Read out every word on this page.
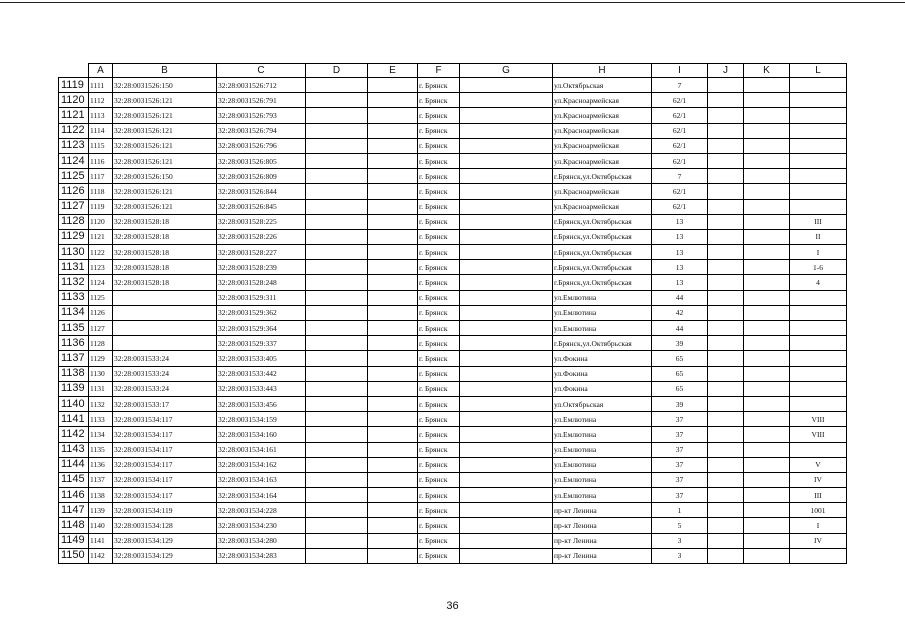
	A	B	C	D	E	F	G	H	I	J	K	L
1119	1111	32:28:0031526:150	32:28:0031526:712			г. Брянск		ул.Октябрьская	7			
1120	1112	32:28:0031526:121	32:28:0031526:791			г. Брянск		ул.Красноармейская	62/1			
1121	1113	32:28:0031526:121	32:28:0031526:793			г. Брянск		ул.Красноармейская	62/1			
1122	1114	32:28:0031526:121	32:28:0031526:794			г. Брянск		ул.Красноармейская	62/1			
1123	1115	32:28:0031526:121	32:28:0031526:796			г. Брянск		ул.Красноармейская	62/1			
1124	1116	32:28:0031526:121	32:28:0031526:805			г. Брянск		ул.Красноармейская	62/1			
1125	1117	32:28:0031526:150	32:28:0031526:809			г. Брянск		г.Брянск,ул.Октябрьская	7			
1126	1118	32:28:0031526:121	32:28:0031526:844			г. Брянск		ул.Красноармейская	62/1			
1127	1119	32:28:0031526:121	32:28:0031526:845			г. Брянск		ул.Красноармейская	62/1			
1128	1120	32:28:0031528:18	32:28:0031528:225			г. Брянск		г.Брянск,ул.Октябрьская	13			III
1129	1121	32:28:0031528:18	32:28:0031528:226			г. Брянск		г.Брянск,ул.Октябрьская	13			II
1130	1122	32:28:0031528:18	32:28:0031528:227			г. Брянск		г.Брянск,ул.Октябрьская	13			I
1131	1123	32:28:0031528:18	32:28:0031528:239			г. Брянск		г.Брянск,ул.Октябрьская	13			1-6
1132	1124	32:28:0031528:18	32:28:0031528:248			г. Брянск		г.Брянск,ул.Октябрьская	13			4
1133	1125		32:28:0031529:311			г. Брянск		ул.Емлютина	44			
1134	1126		32:28:0031529:362			г. Брянск		ул.Емлютина	42			
1135	1127		32:28:0031529:364			г. Брянск		ул.Емлютина	44			
1136	1128		32:28:0031529:337			г. Брянск		г.Брянск,ул.Октябрьская	39			
1137	1129	32:28:0031533:24	32:28:0031533:405			г. Брянск		ул.Фокина	65			
1138	1130	32:28:0031533:24	32:28:0031533:442			г. Брянск		ул.Фокина	65			
1139	1131	32:28:0031533:24	32:28:0031533:443			г. Брянск		ул.Фокина	65			
1140	1132	32:28:0031533:17	32:28:0031533:456			г. Брянск		ул.Октябрьская	39			
1141	1133	32:28:0031534:117	32:28:0031534:159			г. Брянск		ул.Емлютина	37			VIII
1142	1134	32:28:0031534:117	32:28:0031534:160			г. Брянск		ул.Емлютина	37			VIII
1143	1135	32:28:0031534:117	32:28:0031534:161			г. Брянск		ул.Емлютина	37			
1144	1136	32:28:0031534:117	32:28:0031534:162			г. Брянск		ул.Емлютина	37			V
1145	1137	32:28:0031534:117	32:28:0031534:163			г. Брянск		ул.Емлютина	37			IV
1146	1138	32:28:0031534:117	32:28:0031534:164			г. Брянск		ул.Емлютина	37			III
1147	1139	32:28:0031534:119	32:28:0031534:228			г. Брянск		пр-кт Ленина	1			1001
1148	1140	32:28:0031534:128	32:28:0031534:230			г. Брянск		пр-кт Ленина	5			I
1149	1141	32:28:0031534:129	32:28:0031534:280			г. Брянск		пр-кт Ленина	3			IV
1150	1142	32:28:0031534:129	32:28:0031534:283			г. Брянск		пр-кт Ленина	3			
36
